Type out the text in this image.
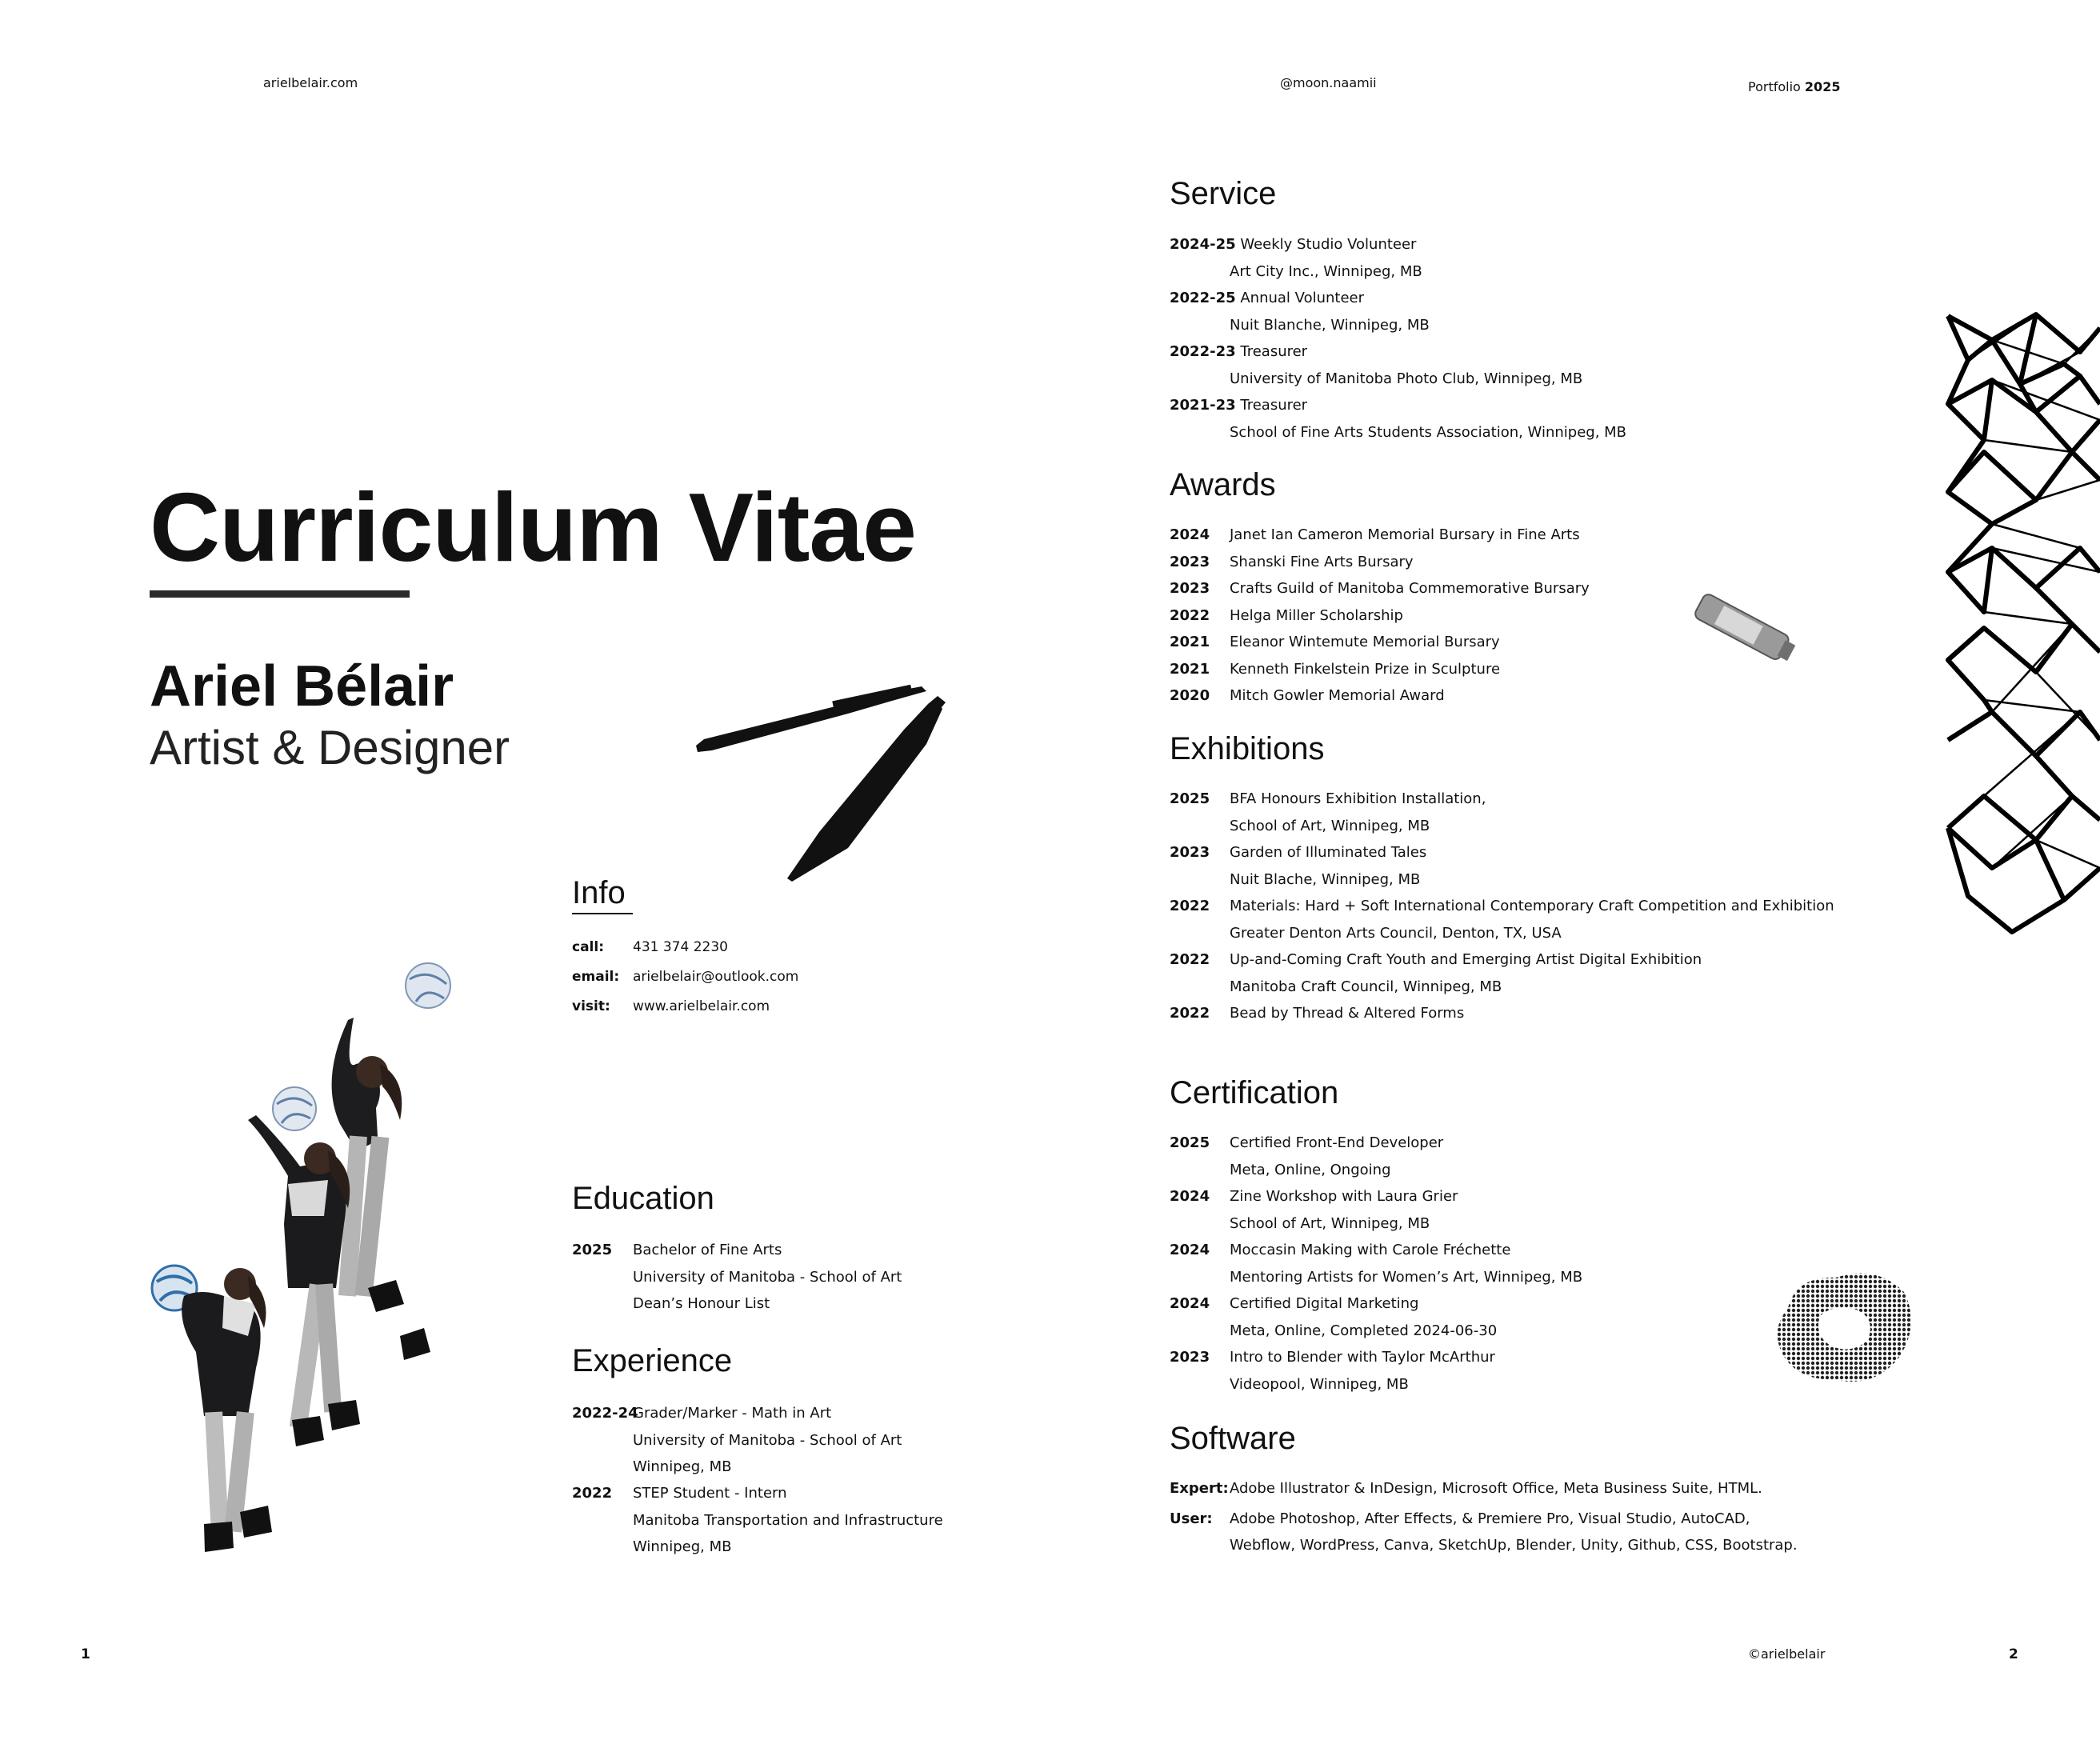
arielbelair.com	@moon.naamii	Portfolio 2025
1	©arielbelair	2
Curriculum Vitae
Ariel Bélair
Artist & Designer
Info
call: 431 374 2230
email: arielbelair@outlook.com
visit: www.arielbelair.com
Education
2025 Bachelor of Fine Arts
University of Manitoba - School of Art
Dean’s Honour List
Experience
2022-24Grader/Marker - Math in Art
University of Manitoba - School of Art
Winnipeg, MB
2022 STEP Student - Intern
Manitoba Transportation and Infrastructure
Winnipeg, MB
Service
2024-25 Weekly Studio Volunteer
Art City Inc., Winnipeg, MB
2022-25 Annual Volunteer
Nuit Blanche, Winnipeg, MB
2022-23 Treasurer
University of Manitoba Photo Club, Winnipeg, MB
2021-23 Treasurer
School of Fine Arts Students Association, Winnipeg, MB
Awards
2024 Janet Ian Cameron Memorial Bursary in Fine Arts
2023 Shanski Fine Arts Bursary
2023 Crafts Guild of Manitoba Commemorative Bursary
2022 Helga Miller Scholarship
2021 Eleanor Wintemute Memorial Bursary
2021 Kenneth Finkelstein Prize in Sculpture
2020 Mitch Gowler Memorial Award
Exhibitions
2025 BFA Honours Exhibition Installation,
School of Art, Winnipeg, MB
2023 Garden of Illuminated Tales
Nuit Blache, Winnipeg, MB
2022 Materials: Hard + Soft International Contemporary Craft Competition and Exhibition
Greater Denton Arts Council, Denton, TX, USA
2022 Up-and-Coming Craft Youth and Emerging Artist Digital Exhibition
Manitoba Craft Council, Winnipeg, MB
2022 Bead by Thread & Altered Forms
Certification
2025 Certified Front-End Developer
Meta, Online, Ongoing
2024 Zine Workshop with Laura Grier
School of Art, Winnipeg, MB
2024 Moccasin Making with Carole Fréchette
Mentoring Artists for Women’s Art, Winnipeg, MB
2024 Certified Digital Marketing
Meta, Online, Completed 2024-06-30
2023 Intro to Blender with Taylor McArthur
Videopool, Winnipeg, MB
Software
Expert:Adobe Illustrator & InDesign, Microsoft Office, Meta Business Suite, HTML.
User: Adobe Photoshop, After Effects, & Premiere Pro, Visual Studio, AutoCAD,
Webflow, WordPress, Canva, SketchUp, Blender, Unity, Github, CSS, Bootstrap.
